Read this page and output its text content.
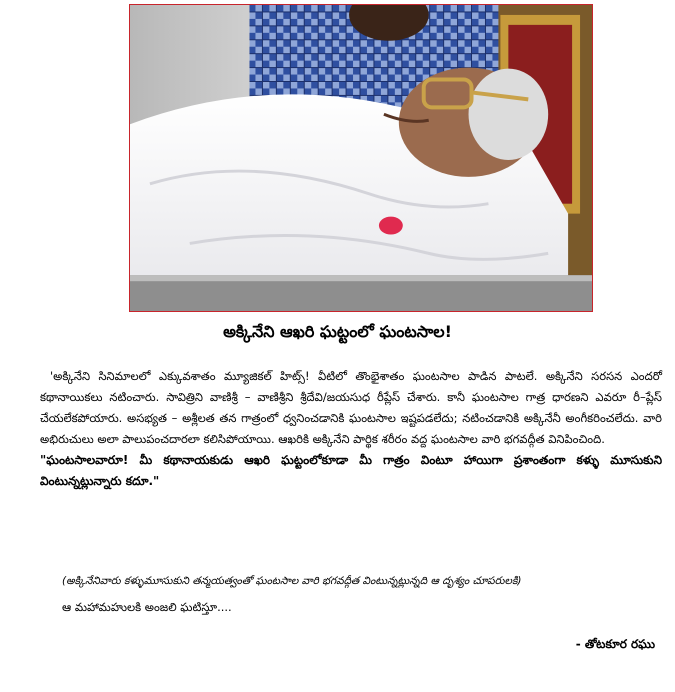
అక్కినేని ఆఖరి ఘట్టంలో ఘంటసాల!

'అక్కినేని సినిమాలలో ఎక్కువశాతం మ్యూజికల్ హిట్స్! వీటిలో తొంభైశాతం ఘంటసాల పాడిన పాటలే. అక్కినేని సరసన ఎందరో కథానాయికలు నటించారు. సావిత్రిని వాణిశ్రీ – వాణిశ్రీని శ్రీదేవి/జయసుధ రీప్లేస్ చేశారు. కానీ ఘంటసాల గాత్ర ధారణని ఎవరూ రీ–ప్లేస్ చేయలేకపోయారు. అసభ్యత – అశ్లీలత తన గాత్రంలో ధ్వనించడానికి ఘంటసాల ఇష్టపడలేదు; నటించడానికి అక్కినేనీ అంగీకరించలేదు. వారి అభిరుచులు అలా పాలుపంచదారలా కలిసిపోయాయి. ఆఖరికి అక్కినేని పార్థిక శరీరం వద్ద ఘంటసాల వారి భగవద్గీత వినిపించింది.

"ఘంటసాలవారూ! మీ కథానాయకుడు ఆఖరి ఘట్టంలోకూడా మీ గాత్రం వింటూ హాయిగా ప్రశాంతంగా కళ్ళు మూసుకుని వింటున్నట్లున్నారు కదూ."

(అక్కినేనివారు కళ్ళుమూసుకుని తన్మయత్వంతో ఘంటసాల వారి భగవద్గీత వింటున్నట్లున్నది ఆ దృశ్యం చూపరులకి)
ఆ మహామహులకి అంజలి ఘటిస్తూ....
- తోటకూర రఘు
